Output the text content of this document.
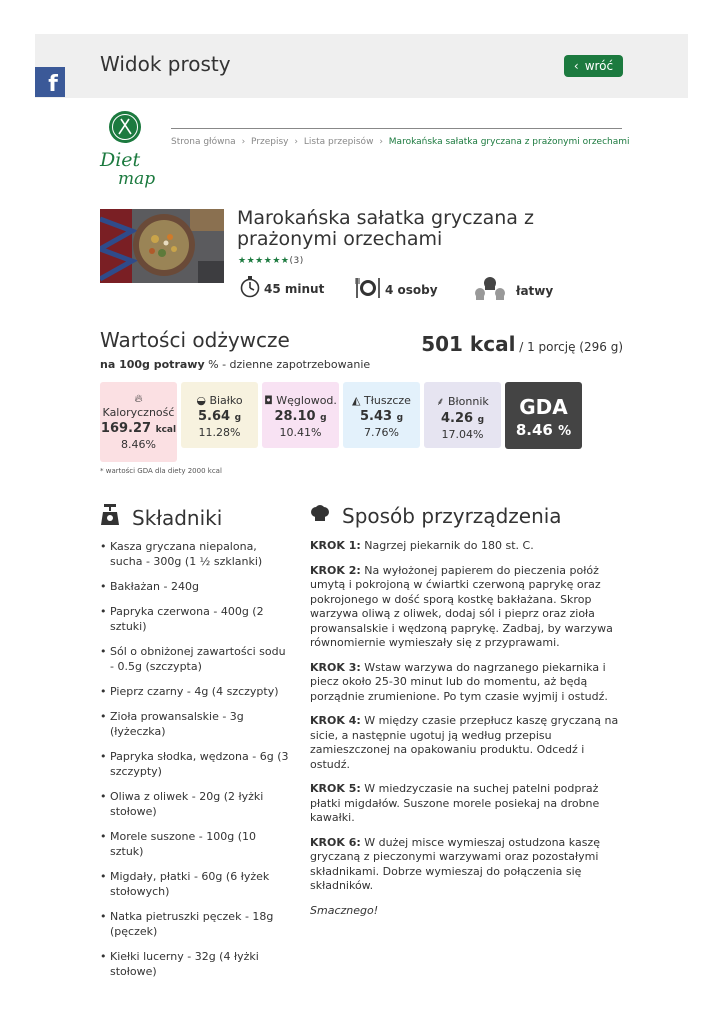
Widok prosty	‹ wróć
f
Diet
map
Strona główna › Przepisy › Lista przepisów › Marokańska sałatka gryczana z prażonymi orzechami
Marokańska sałatka gryczana z prażonymi orzechami
★★★★★★(3)
45 minut	4 osoby	łatwy
Wartości odżywcze
na 100g potrawy % - dzienne zapotrzebowanie
501 kcal / 1 porcję (296 g)
🔥︎
Kaloryczność
169.27 kcal
8.46%
◒ Białko
5.64 g
11.28%
◘ Węglowod.
28.10 g
10.41%
◭ Tłuszcze
5.43 g
7.76%
⸙ Błonnik
4.26 g
17.04%
GDA
8.46 %
* wartości GDA dla diety 2000 kcal
Składniki
• Kasza gryczana niepalona, sucha - 300g (1 ½ szklanki)
• Bakłażan - 240g
• Papryka czerwona - 400g (2 sztuki)
• Sól o obniżonej zawartości sodu - 0.5g (szczypta)
• Pieprz czarny - 4g (4 szczypty)
• Zioła prowansalskie - 3g (łyżeczka)
• Papryka słodka, wędzona - 6g (3 szczypty)
• Oliwa z oliwek - 20g (2 łyżki stołowe)
• Morele suszone - 100g (10 sztuk)
• Migdały, płatki - 60g (6 łyżek stołowych)
• Natka pietruszki pęczek - 18g (pęczek)
• Kiełki lucerny - 32g (4 łyżki stołowe)
Sposób przyrządzenia

KROK 1: Nagrzej piekarnik do 180 st. C.

KROK 2: Na wyłożonej papierem do pieczenia połóż umytą i pokrojoną w ćwiartki czerwoną paprykę oraz pokrojonego w dość sporą kostkę bakłażana. Skrop warzywa oliwą z oliwek, dodaj sól i pieprz oraz zioła prowansalskie i wędzoną paprykę. Zadbaj, by warzywa równomiernie wymieszały się z przyprawami.

KROK 3: Wstaw warzywa do nagrzanego piekarnika i piecz około 25-30 minut lub do momentu, aż będą porządnie zrumienione. Po tym czasie wyjmij i ostudź.

KROK 4: W między czasie przepłucz kaszę gryczaną na sicie, a następnie ugotuj ją według przepisu zamieszczonej na opakowaniu produktu. Odcedź i ostudź.

KROK 5: W miedzyczasie na suchej patelni podpraż płatki migdałów. Suszone morele posiekaj na drobne kawałki.

KROK 6: W dużej misce wymieszaj ostudzona kaszę gryczaną z pieczonymi warzywami oraz pozostałymi składnikami. Dobrze wymieszaj do połączenia się składników.

Smacznego!
